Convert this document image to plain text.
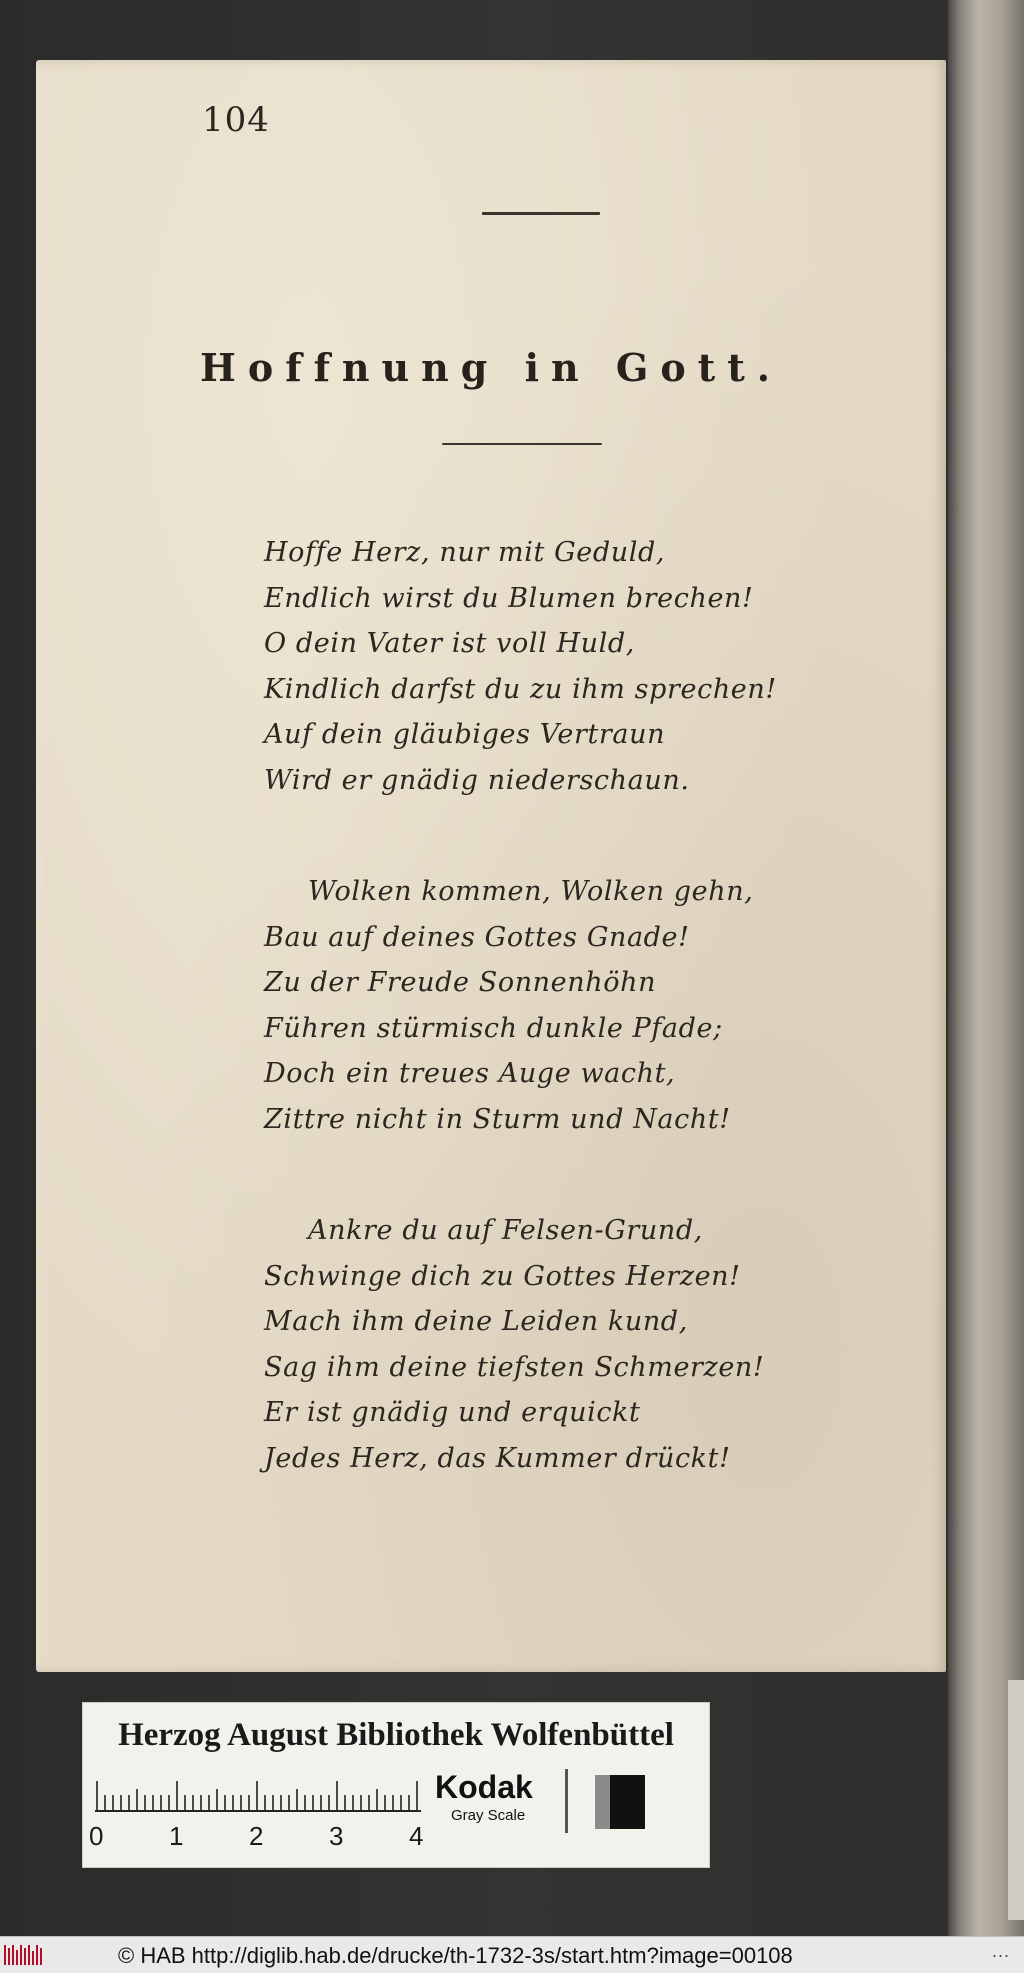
104
Hoffnung in Gott.
Hoffe Herz, nur mit Geduld,
Endlich wirst du Blumen brechen!
O dein Vater ist voll Huld,
Kindlich darfst du zu ihm sprechen!
Auf dein gläubiges Vertraun
Wird er gnädig niederschaun.
Wolken kommen, Wolken gehn,
Bau auf deines Gottes Gnade!
Zu der Freude Sonnenhöhn
Führen stürmisch dunkle Pfade;
Doch ein treues Auge wacht,
Zittre nicht in Sturm und Nacht!
Ankre du auf Felsen-Grund,
Schwinge dich zu Gottes Herzen!
Mach ihm deine Leiden kund,
Sag ihm deine tiefsten Schmerzen!
Er ist gnädig und erquickt
Jedes Herz, das Kummer drückt!
Herzog August Bibliothek Wolfenbüttel
0	1	2	3	4
Kodak
Gray Scale
© HAB http://diglib.hab.de/drucke/th-1732-3s/start.htm?image=00108	...
